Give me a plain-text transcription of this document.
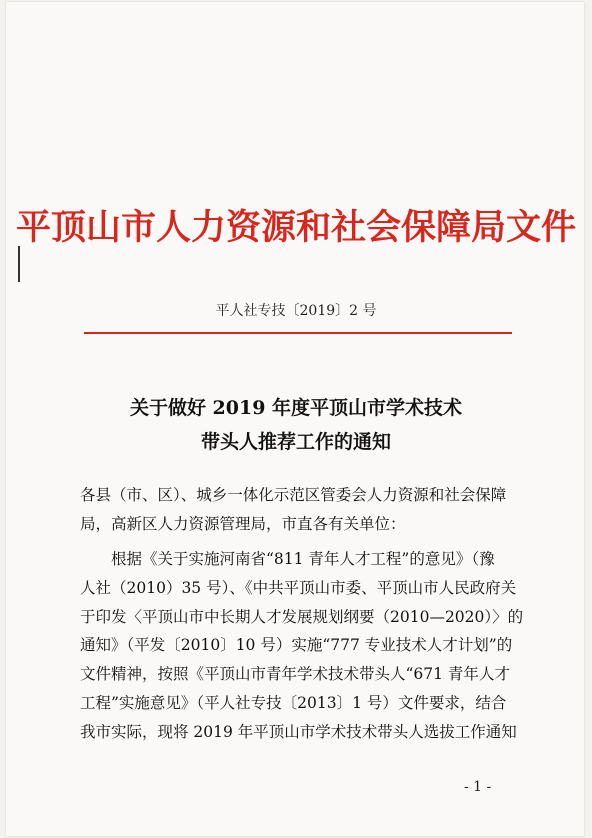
平顶山市人力资源和社会保障局文件
平人社专技〔2019〕2 号
关于做好 2019 年度平顶山市学术技术
带头人推荐工作的通知
各县（市、区）、城乡一体化示范区管委会人力资源和社会保障
局，高新区人力资源管理局，市直各有关单位：
　　根据《关于实施河南省“811 青年人才工程”的意见》（豫
人社（2010）35 号）、《中共平顶山市委、平顶山市人民政府关
于印发〈平顶山市中长期人才发展规划纲要（2010—2020）〉的
通知》（平发〔2010〕10 号）实施“777 专业技术人才计划”的
文件精神，按照《平顶山市青年学术技术带头人“671 青年人才
工程”实施意见》（平人社专技〔2013〕1 号）文件要求，结合
我市实际，现将 2019 年平顶山市学术技术带头人选拔工作通知
- 1 -
